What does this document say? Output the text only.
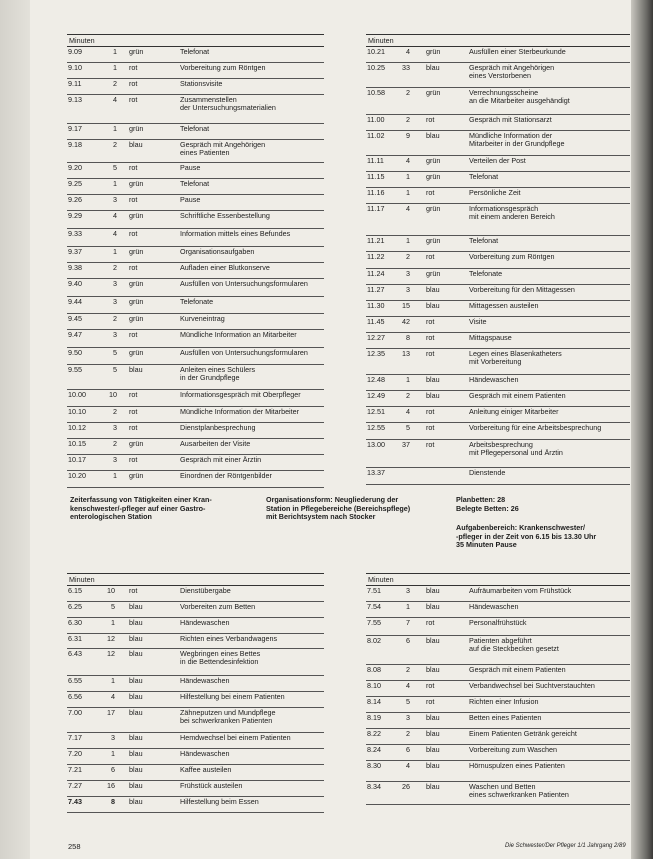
Minuten
9.09	1 grün	Telefonat
9.10	1 rot	Vorbereitung zum Röntgen
9.11	2 rot	Stationsvisite
9.13	4 rot	Zusammenstellen
der Untersuchungsmaterialien
9.17	1 grün	Telefonat
9.18	2 blau	Gespräch mit Angehörigen
eines Patienten
9.20	5 rot	Pause
9.25	1 grün	Telefonat
9.26	3 rot	Pause
9.29	4 grün	Schriftliche Essenbestellung
9.33	4 rot	Information mittels eines Befundes
9.37	1 grün	Organisationsaufgaben
9.38	2 rot	Aufladen einer Blutkonserve
9.40	3 grün	Ausfüllen von Untersuchungsformularen
9.44	3 grün	Telefonate
9.45	2 grün	Kurveneintrag
9.47	3 rot	Mündliche Information an Mitarbeiter
9.50	5 grün	Ausfüllen von Untersuchungsformularen
9.55	5 blau	Anleiten eines Schülers
in der Grundpflege
10.00	10 rot	Informationsgespräch mit Oberpfleger
10.10	2 rot	Mündliche Information der Mitarbeiter
10.12	3 rot	Dienstplanbesprechung
10.15	2 grün	Ausarbeiten der Visite
10.17	3 rot	Gespräch mit einer Ärztin
10.20	1 grün	Einordnen der Röntgenbilder
Minuten
10.21	4 grün	Ausfüllen einer Sterbeurkunde
10.25	33 blau	Gespräch mit Angehörigen
eines Verstorbenen
10.58	2 grün	Verrechnungsscheine
an die Mitarbeiter ausgehändigt
11.00	2 rot	Gespräch mit Stationsarzt
11.02	9 blau	Mündliche Information der
Mitarbeiter in der Grundpflege
11.11	4 grün	Verteilen der Post
11.15	1 grün	Telefonat
11.16	1 rot	Persönliche Zeit
11.17	4 grün	Informationsgespräch
mit einem anderen Bereich
11.21	1 grün	Telefonat
11.22	2 rot	Vorbereitung zum Röntgen
11.24	3 grün	Telefonate
11.27	3 blau	Vorbereitung für den Mittagessen
11.30	15 blau	Mittagessen austeilen
11.45	42 rot	Visite
12.27	8 rot	Mittagspause
12.35	13 rot	Legen eines Blasenkatheters
mit Vorbereitung
12.48	1 blau	Händewaschen
12.49	2 blau	Gespräch mit einem Patienten
12.51	4 rot	Anleitung einiger Mitarbeiter
12.55	5 rot	Vorbereitung für eine Arbeitsbesprechung
13.00	37 rot	Arbeitsbesprechung
mit Pflegepersonal und Ärztin
13.37	Dienstende
Zeiterfassung von Tätigkeiten einer Kran-
kenschwester/-pfleger auf einer Gastro-
enterologischen Station
Organisationsform: Neugliederung der
Station in Pflegebereiche (Bereichspflege)
mit Berichtsystem nach Stocker
Planbetten: 28
Belegte Betten: 26
Aufgabenbereich: Krankenschwester/
-pfleger in der Zeit von 6.15 bis 13.30 Uhr
35 Minuten Pause
Minuten
6.15	10 rot	Dienstübergabe
6.25	5 blau	Vorbereiten zum Betten
6.30	1 blau	Händewaschen
6.31	12 blau	Richten eines Verbandwagens
6.43	12 blau	Wegbringen eines Bettes
in die Bettendesinfektion
6.55	1 blau	Händewaschen
6.56	4 blau	Hilfestellung bei einem Patienten
7.00	17 blau	Zähneputzen und Mundpflege
bei schwerkranken Patienten
7.17	3 blau	Hemdwechsel bei einem Patienten
7.20	1 blau	Händewaschen
7.21	6 blau	Kaffee austeilen
7.27	16 blau	Frühstück austeilen
7.43	8 blau	Hilfestellung beim Essen
Minuten
7.51	3 blau	Aufräumarbeiten vom Frühstück
7.54	1 blau	Händewaschen
7.55	7 rot	Personalfrühstück
8.02	6 blau	Patienten abgeführt
auf die Steckbecken gesetzt
8.08	2 blau	Gespräch mit einem Patienten
8.10	4 rot	Verbandwechsel bei Suchtverstauchten
8.14	5 rot	Richten einer Infusion
8.19	3 blau	Betten eines Patienten
8.22	2 blau	Einem Patienten Getränk gereicht
8.24	6 blau	Vorbereitung zum Waschen
8.30	4 blau	Hörnuspulzen eines Patienten
8.34	26 blau	Waschen und Betten
eines schwerkranken Patienten
258	Die Schwester/Der Pfleger 1/1 Jahrgang 2/89
